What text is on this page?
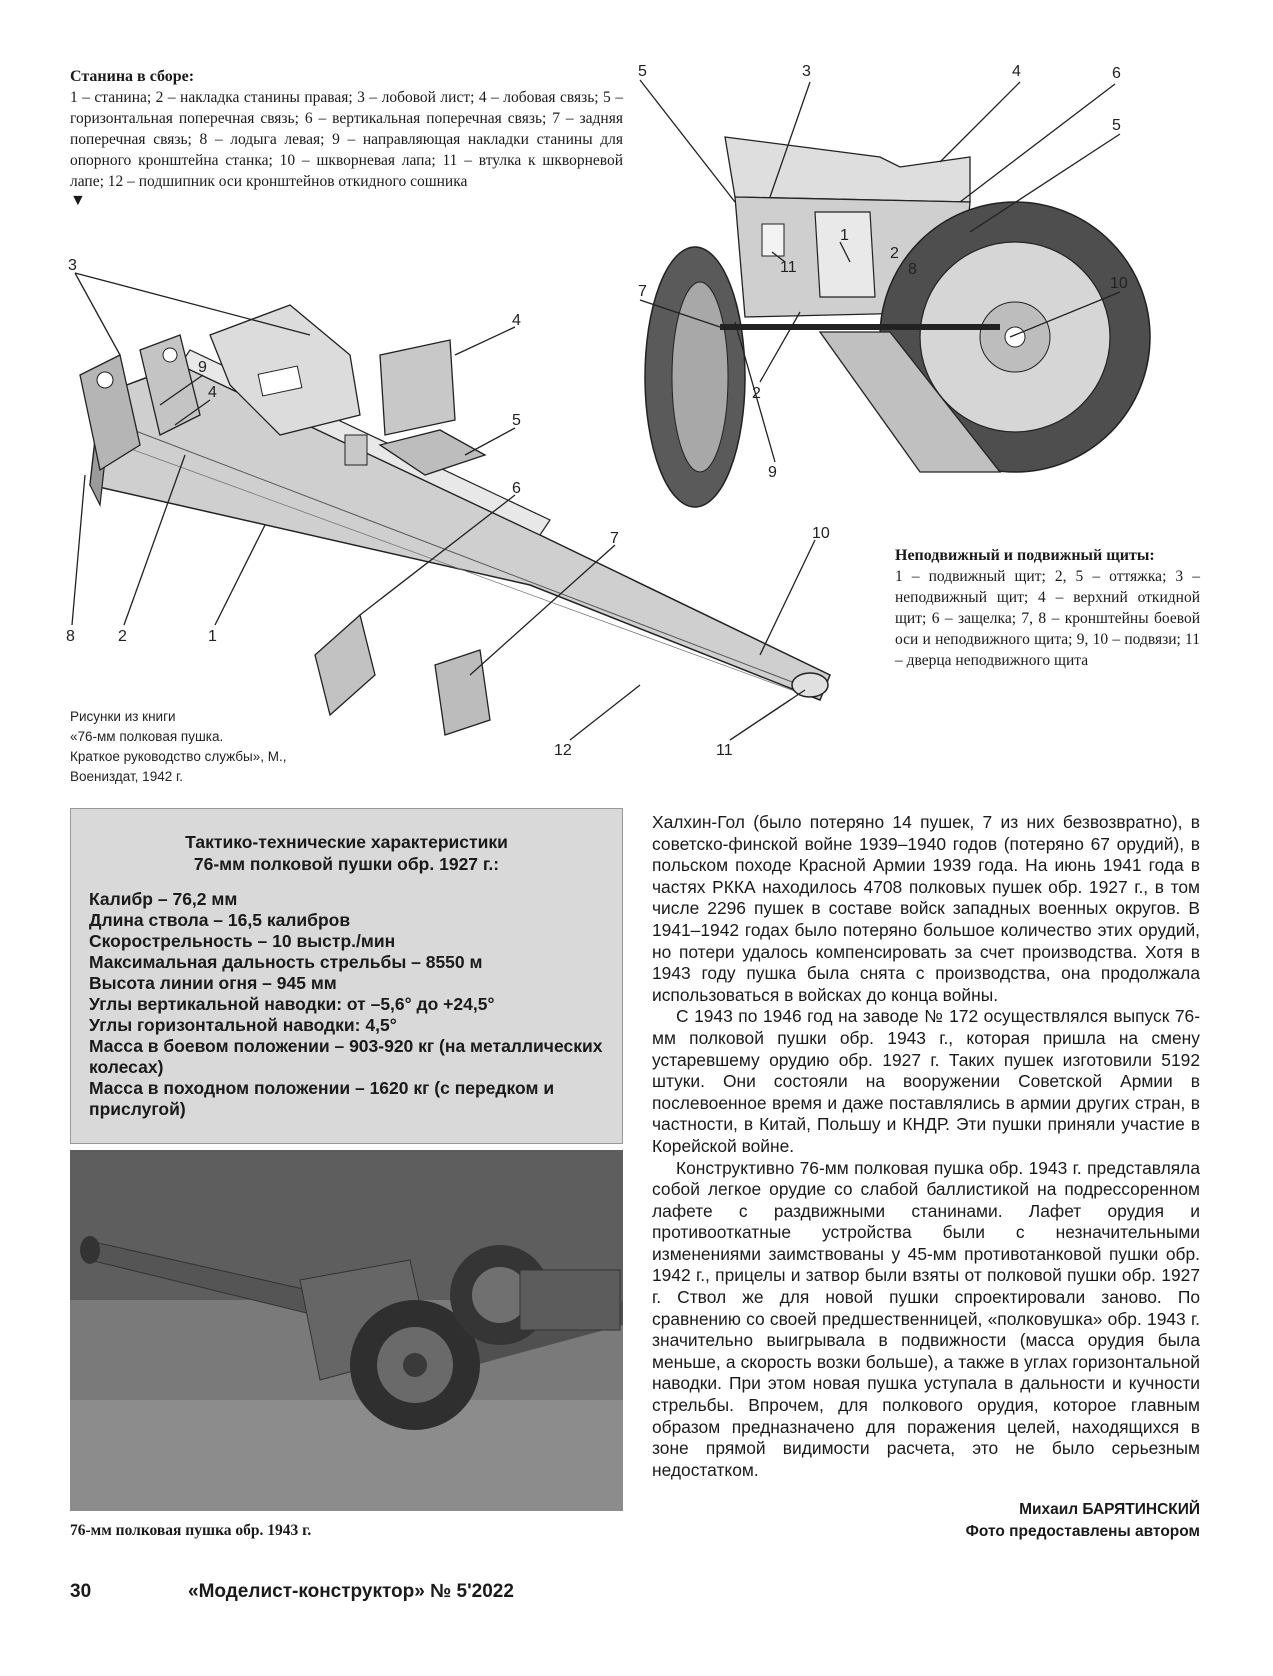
Станина в сборе:
1 – станина; 2 – накладка станины правая; 3 – лобовой лист; 4 – лобовая связь; 5 – горизонтальная поперечная связь; 6 – вертикальная поперечная связь; 7 – задняя поперечная связь; 8 – лодыга левая; 9 – направляющая накладки станины для опорного кронштейна станка; 10 – шкворневая лапа; 11 – втулка к шкворневой лапе; 12 – подшипник оси кронштейнов откидного сошника
▼
3
9
4
4
5
6
7	10
8	2	1
12	11
5	3	4	6
5
1
11
2
8
7	10
2
9
Неподвижный и подвижный щиты:
1 – подвижный щит; 2, 5 – оттяжка; 3 – неподвижный щит; 4 – верхний откидной щит; 6 – защелка; 7, 8 – кронштейны боевой оси и неподвижного щита; 9, 10 – подвязи; 11 – дверца неподвижного щита
Рисунки из книги
«76-мм полковая пушка.
Краткое руководство службы», М.,
Воениздат, 1942 г.
Тактико-технические характеристики
76-мм полковой пушки обр. 1927 г.:
Калибр – 76,2 мм
Длина ствола – 16,5 калибров
Скорострельность – 10 выстр./мин
Максимальная дальность стрельбы – 8550 м
Высота линии огня – 945 мм
Углы вертикальной наводки: от –5,6° до +24,5°
Углы горизонтальной наводки: 4,5°
Масса в боевом положении – 903-920 кг (на металлических колесах)
Масса в походном положении – 1620 кг (с передком и прислугой)
76-мм полковая пушка обр. 1943 г.

Халхин-Гол (было потеряно 14 пушек, 7 из них безвозвратно), в советско-финской войне 1939–1940 годов (потеряно 67 орудий), в польском походе Красной Армии 1939 года. На июнь 1941 года в частях РККА находилось 4708 полковых пушек обр. 1927 г., в том числе 2296 пушек в составе войск западных военных округов. В 1941–1942 годах было потеряно большое количество этих орудий, но потери удалось компенсировать за счет производства. Хотя в 1943 году пушка была снята с производства, она продолжала использоваться в войсках до конца войны.

С 1943 по 1946 год на заводе № 172 осуществлялся выпуск 76-мм полковой пушки обр. 1943 г., которая пришла на смену устаревшему орудию обр. 1927 г. Таких пушек изготовили 5192 штуки. Они состояли на вооружении Советской Армии в послевоенное время и даже поставлялись в армии других стран, в частности, в Китай, Польшу и КНДР. Эти пушки приняли участие в Корейской войне.

Конструктивно 76-мм полковая пушка обр. 1943 г. представляла собой легкое орудие со слабой баллистикой на подрессоренном лафете с раздвижными станинами. Лафет орудия и противооткатные устройства были с незначительными изменениями заимствованы у 45-мм противотанковой пушки обр. 1942 г., прицелы и затвор были взяты от полковой пушки обр. 1927 г. Ствол же для новой пушки спроектировали заново. По сравнению со своей предшественницей, «полковушка» обр. 1943 г. значительно выигрывала в подвижности (масса орудия была меньше, а скорость возки больше), а также в углах горизонтальной наводки. При этом новая пушка уступала в дальности и кучности стрельбы. Впрочем, для полкового орудия, которое главным образом предназначено для поражения целей, находящихся в зоне прямой видимости расчета, это не было серьезным недостатком.

Михаил БАРЯТИНСКИЙ
Фото предоставлены автором
30	«Моделист-конструктор» № 5'2022
